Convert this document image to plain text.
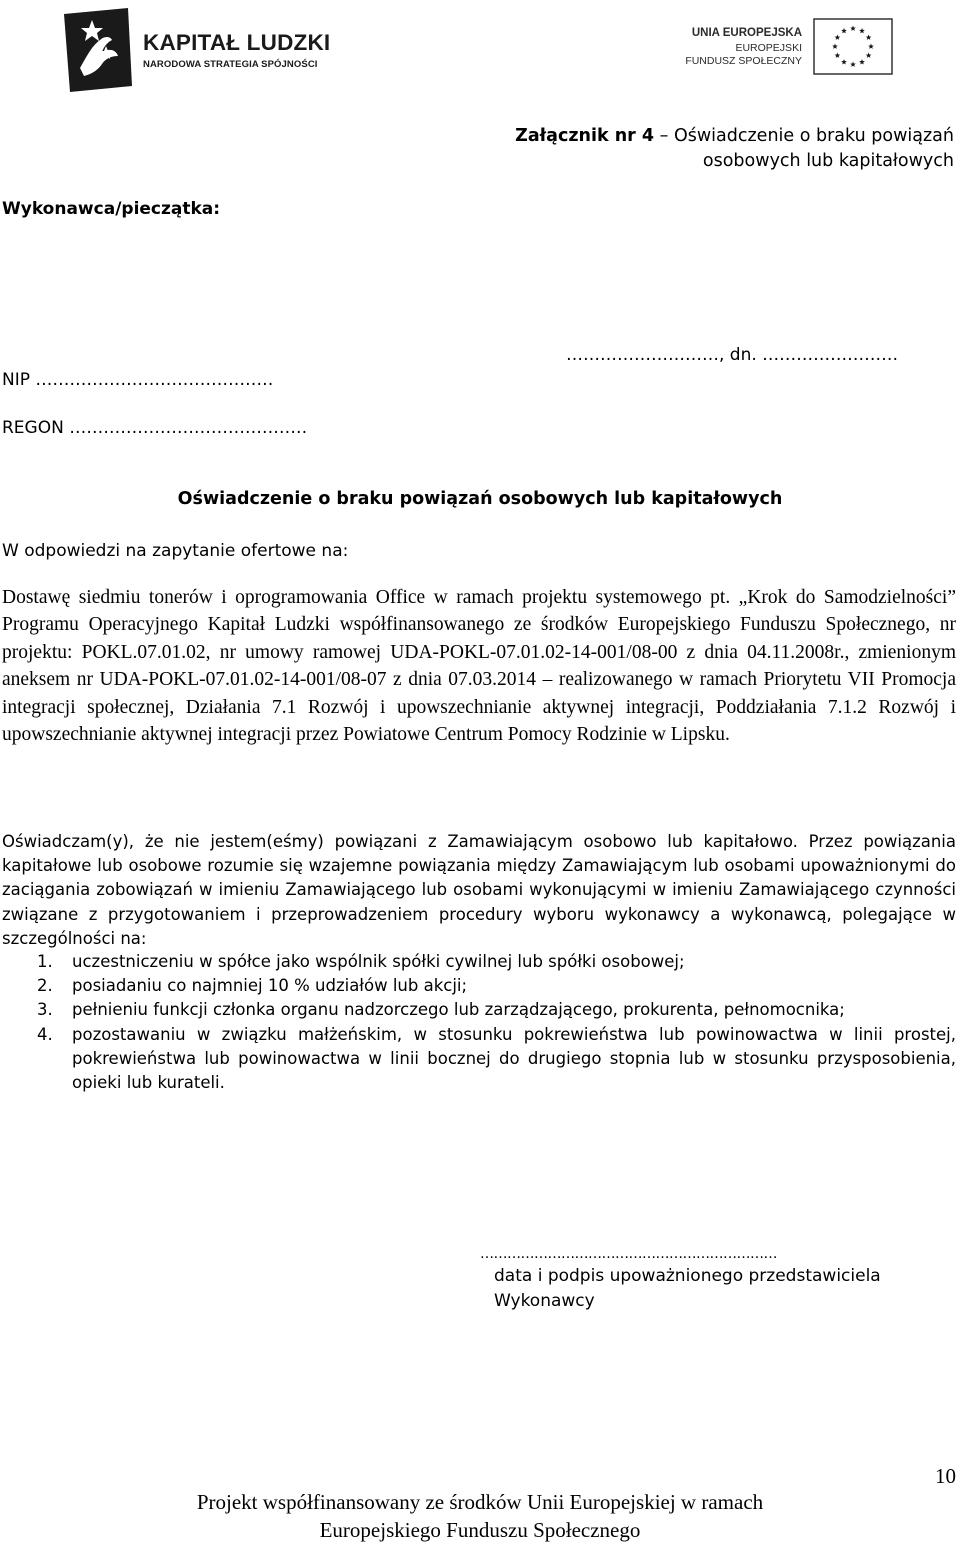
KAPITAŁ LUDZKI
NARODOWA STRATEGIA SPÓJNOŚCI
UNIA EUROPEJSKA
EUROPEJSKI
FUNDUSZ SPOŁECZNY
Załącznik nr 4 – Oświadczenie o braku powiązań
osobowych lub kapitałowych
Wykonawca/pieczątka:
………………………, dn. ……………………
NIP ……………………………………
REGON ……………………………………
Oświadczenie o braku powiązań osobowych lub kapitałowych
W odpowiedzi na zapytanie ofertowe na:
Dostawę siedmiu tonerów i oprogramowania Office w ramach projektu systemowego pt. „Krok do Samodzielności” Programu Operacyjnego Kapitał Ludzki współfinansowanego ze środków Europejskiego Funduszu Społecznego, nr projektu: POKL.07.01.02, nr umowy ramowej UDA-POKL-07.01.02-14-001/08-00 z dnia 04.11.2008r., zmienionym aneksem nr UDA-POKL-07.01.02-14-001/08-07 z dnia 07.03.2014 – realizowanego w ramach Priorytetu VII Promocja integracji społecznej, Działania 7.1 Rozwój i upowszechnianie aktywnej integracji, Poddziałania 7.1.2 Rozwój i upowszechnianie aktywnej integracji przez Powiatowe Centrum Pomocy Rodzinie w Lipsku.
Oświadczam(y), że nie jestem(eśmy) powiązani z Zamawiającym osobowo lub kapitałowo. Przez powiązania kapitałowe lub osobowe rozumie się wzajemne powiązania między Zamawiającym lub osobami upoważnionymi do zaciągania zobowiązań w imieniu Zamawiającego lub osobami wykonującymi w imieniu Zamawiającego czynności związane z przygotowaniem i przeprowadzeniem procedury wyboru wykonawcy a wykonawcą, polegające w szczególności na:
1. uczestniczeniu w spółce jako wspólnik spółki cywilnej lub spółki osobowej;
2. posiadaniu co najmniej 10 % udziałów lub akcji;
3. pełnieniu funkcji członka organu nadzorczego lub zarządzającego, prokurenta, pełnomocnika;
4. pozostawaniu w związku małżeńskim, w stosunku pokrewieństwa lub powinowactwa w linii prostej, pokrewieństwa lub powinowactwa w linii bocznej do drugiego stopnia lub w stosunku przysposobienia, opieki lub kurateli.
…………………………………………………………
data i podpis upoważnionego przedstawiciela
Wykonawcy
10
Projekt współfinansowany ze środków Unii Europejskiej w ramach
Europejskiego Funduszu Społecznego
